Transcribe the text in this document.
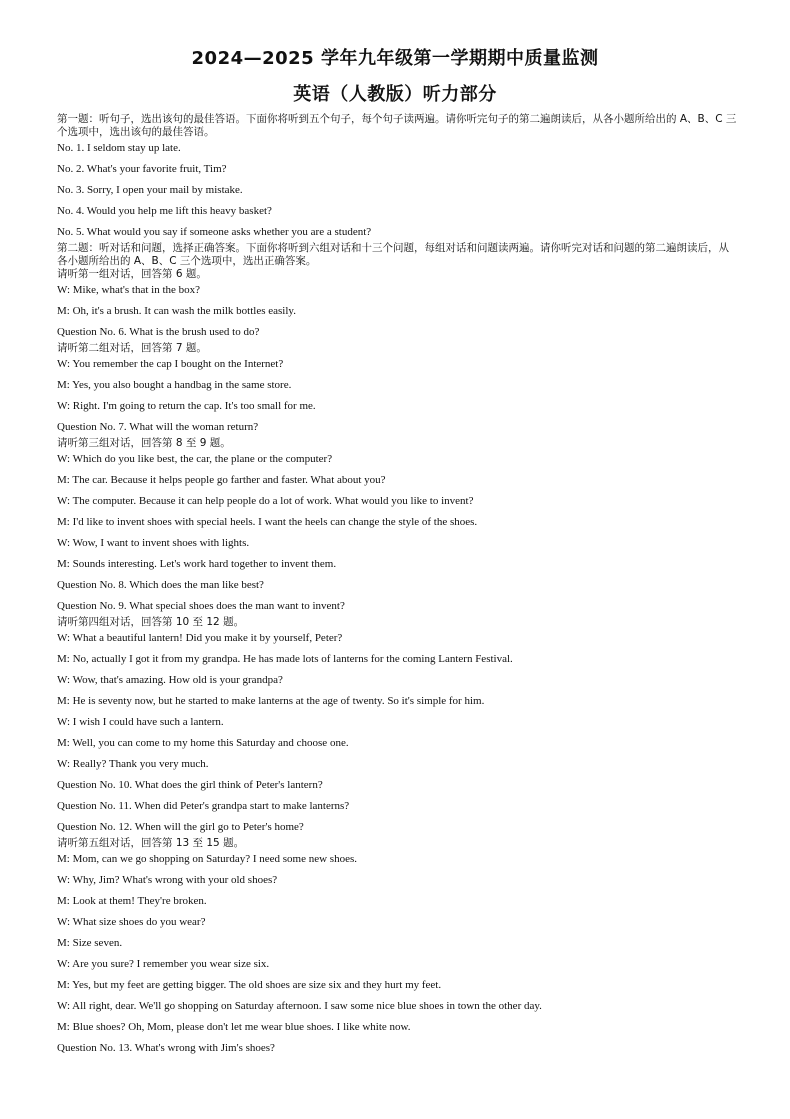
2024—2025 学年九年级第一学期期中质量监测
英语（人教版）听力部分

第一题：听句子，选出该句的最佳答语。下面你将听到五个句子，每个句子读两遍。请你听完句子的第二遍朗读后，从各小题所给出的 A、B、C 三个选项中，选出该句的最佳答语。

No. 1. I seldom stay up late.

No. 2. What's your favorite fruit, Tim?

No. 3. Sorry, I open your mail by mistake.

No. 4. Would you help me lift this heavy basket?

No. 5. What would you say if someone asks whether you are a student?

第二题：听对话和问题，选择正确答案。下面你将听到六组对话和十三个问题，每组对话和问题读两遍。请你听完对话和问题的第二遍朗读后，从各小题所给出的 A、B、C 三个选项中，选出正确答案。

请听第一组对话，回答第 6 题。

W: Mike, what's that in the box?

M: Oh, it's a brush. It can wash the milk bottles easily.

Question No. 6. What is the brush used to do?

请听第二组对话，回答第 7 题。

W: You remember the cap I bought on the Internet?

M: Yes, you also bought a handbag in the same store.

W: Right. I'm going to return the cap. It's too small for me.

Question No. 7. What will the woman return?

请听第三组对话，回答第 8 至 9 题。

W: Which do you like best, the car, the plane or the computer?

M: The car. Because it helps people go farther and faster. What about you?

W: The computer. Because it can help people do a lot of work. What would you like to invent?

M: I'd like to invent shoes with special heels. I want the heels can change the style of the shoes.

W: Wow, I want to invent shoes with lights.

M: Sounds interesting. Let's work hard together to invent them.

Question No. 8. Which does the man like best?

Question No. 9. What special shoes does the man want to invent?

请听第四组对话，回答第 10 至 12 题。

W: What a beautiful lantern! Did you make it by yourself, Peter?

M: No, actually I got it from my grandpa. He has made lots of lanterns for the coming Lantern Festival.

W: Wow, that's amazing. How old is your grandpa?

M: He is seventy now, but he started to make lanterns at the age of twenty. So it's simple for him.

W: I wish I could have such a lantern.

M: Well, you can come to my home this Saturday and choose one.

W: Really? Thank you very much.

Question No. 10. What does the girl think of Peter's lantern?

Question No. 11. When did Peter's grandpa start to make lanterns?

Question No. 12. When will the girl go to Peter's home?

请听第五组对话，回答第 13 至 15 题。

M: Mom, can we go shopping on Saturday? I need some new shoes.

W: Why, Jim? What's wrong with your old shoes?

M: Look at them! They're broken.

W: What size shoes do you wear?

M: Size seven.

W: Are you sure? I remember you wear size six.

M: Yes, but my feet are getting bigger. The old shoes are size six and they hurt my feet.

W: All right, dear. We'll go shopping on Saturday afternoon. I saw some nice blue shoes in town the other day.

M: Blue shoes? Oh, Mom, please don't let me wear blue shoes. I like white now.

Question No. 13. What's wrong with Jim's shoes?
